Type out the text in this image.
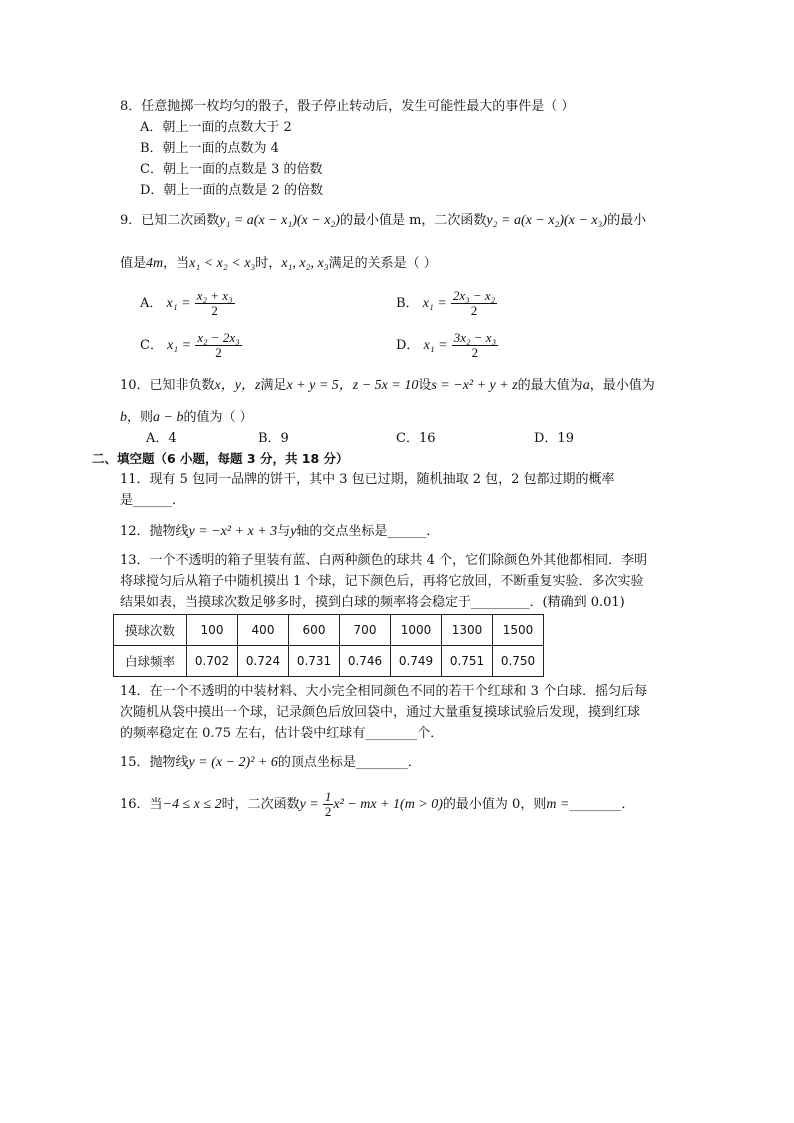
8．任意抛掷一枚均匀的骰子，骰子停止转动后，发生可能性最大的事件是（ ）
A．朝上一面的点数大于 2
B．朝上一面的点数为 4
C．朝上一面的点数是 3 的倍数
D．朝上一面的点数是 2 的倍数
9．已知二次函数y₁ = a(x − x₁)(x − x₂)的最小值是 m，二次函数y₂ = a(x − x₂)(x − x₃)的最小
值是4m，当x₁ < x₂ < x₃时，x₁, x₂, x₃满足的关系是（ ）
A． $x_1 = \frac{\text{x₂ + x₃}}{2}$	B． $x_1 = \frac{\text{2x₃ − x₂}}{2}$
C． $x_1 = \frac{\text{x₂ − 2x₃}}{2}$	D． $x_1 = \frac{\text{3x₂ − x₃}}{2}$
10．已知非负数x，y，z满足x + y = 5，z − 5x = 10设s = −x² + y + z的最大值为a，最小值为
b，则a − b的值为（ ）
A．4	B．9	C．16	D．19
二、填空题（6 小题，每题 3 分，共 18 分）
11．现有 5 包同一品牌的饼干，其中 3 包已过期，随机抽取 2 包，2 包都过期的概率
是______．
12．抛物线y = −x² + x + 3与y轴的交点坐标是______．
13．一个不透明的箱子里装有蓝、白两种颜色的球共 4 个，它们除颜色外其他都相同．李明
将球搅匀后从箱子中随机摸出 1 个球，记下颜色后，再将它放回，不断重复实验．多次实验
结果如表，当摸球次数足够多时，摸到白球的频率将会稳定于_________．(精确到 0.01)
摸球次数	100	400	600	700	1000	1300	1500
白球频率	0.702	0.724	0.731	0.746	0.749	0.751	0.750
14．在一个不透明的中装材料、大小完全相同颜色不同的若干个红球和 3 个白球．摇匀后每
次随机从袋中摸出一个球，记录颜色后放回袋中，通过大量重复摸球试验后发现，摸到红球
的频率稳定在 0.75 左右，估计袋中红球有________个．
15．抛物线y = (x − 2)² + 6的顶点坐标是________．
16．当−4 ≤ x ≤ 2时，二次函数$y = \frac{1}{2} x^2$ − mx + 1(m > 0)的最小值为 0，则m =________．
